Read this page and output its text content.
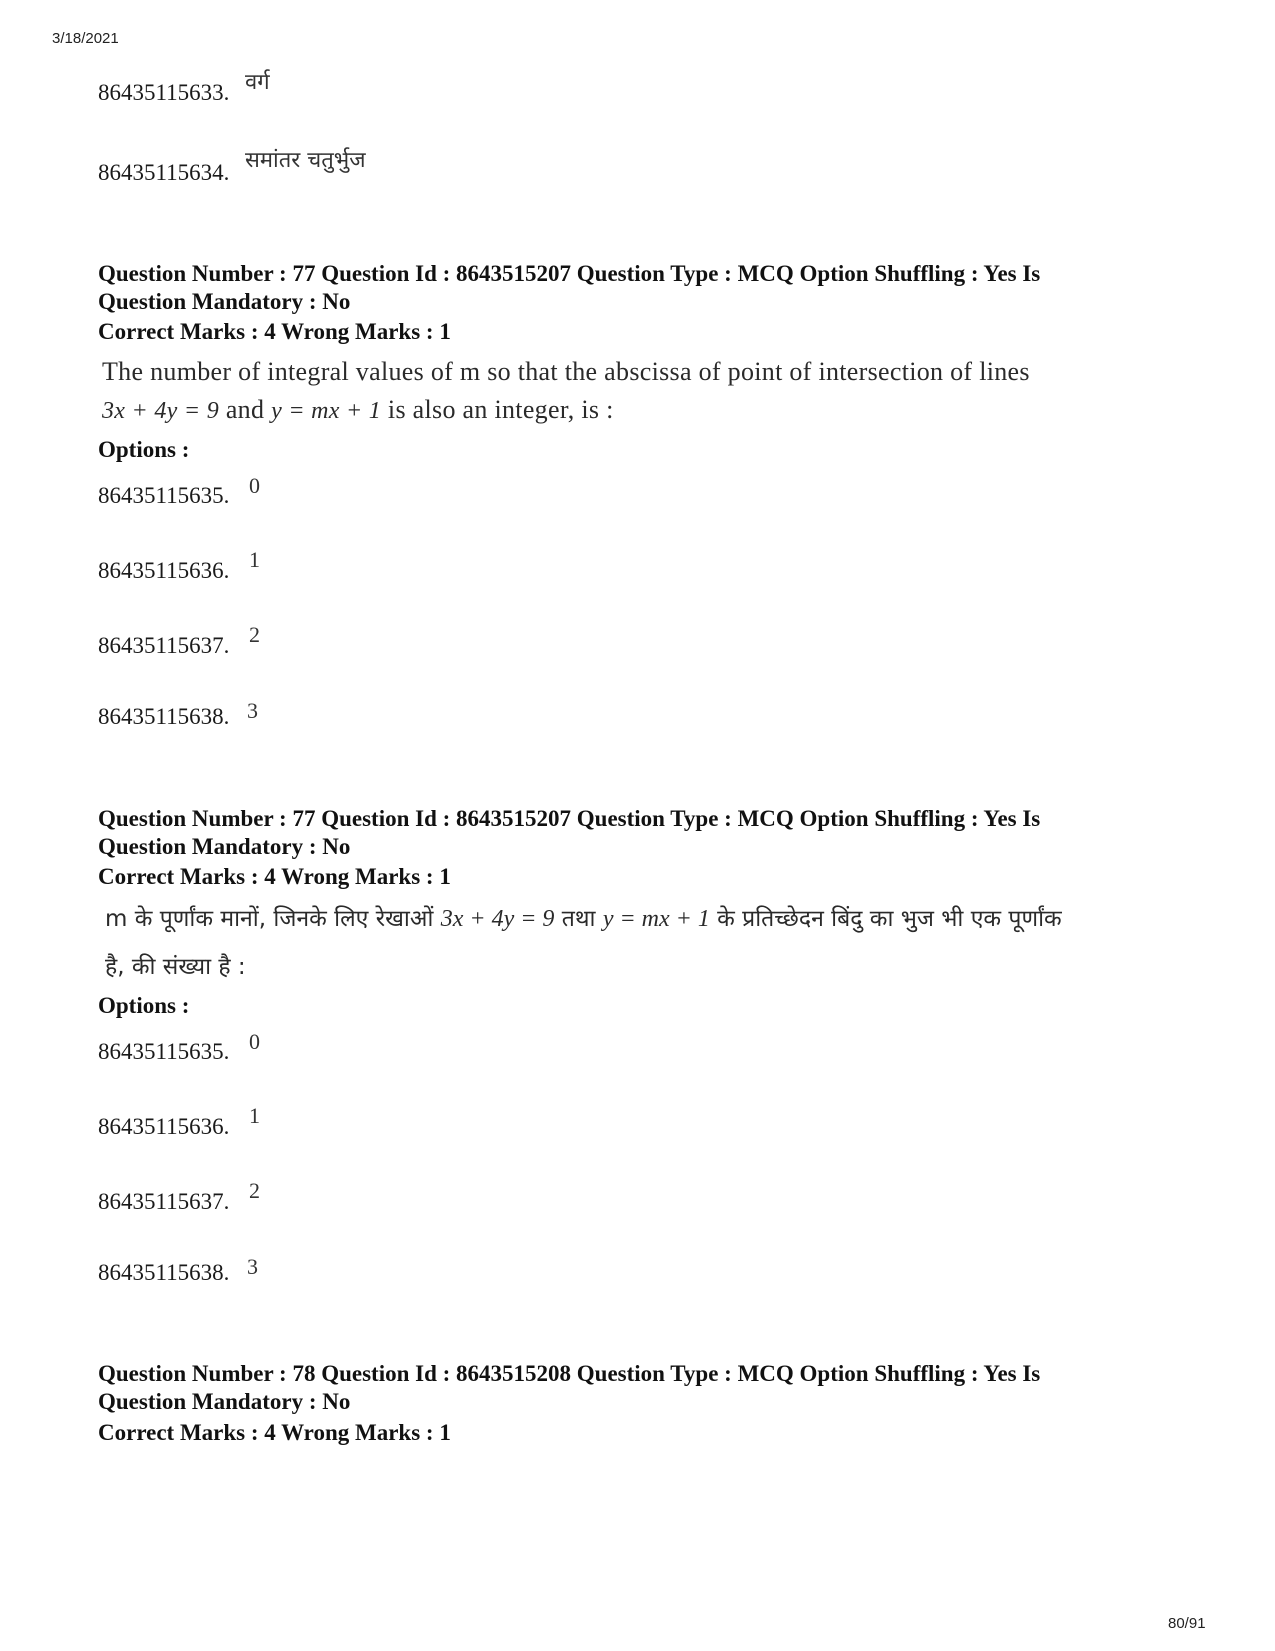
3/18/2021
86435115633. वर्ग
86435115634. समांतर चतुर्भुज
Question Number : 77 Question Id : 8643515207 Question Type : MCQ Option Shuffling : Yes Is
Question Mandatory : No
Correct Marks : 4 Wrong Marks : 1
The number of integral values of m so that the abscissa of point of intersection of lines
3x + 4y = 9 and y = mx + 1 is also an integer, is :
Options :
86435115635. 0
86435115636. 1
86435115637. 2
86435115638. 3
Question Number : 77 Question Id : 8643515207 Question Type : MCQ Option Shuffling : Yes Is
Question Mandatory : No
Correct Marks : 4 Wrong Marks : 1
m के पूर्णांक मानों, जिनके लिए रेखाओं 3x + 4y = 9 तथा y = mx + 1 के प्रतिच्छेदन बिंदु का भुज भी एक पूर्णांक
है, की संख्या है :
Options :
86435115635. 0
86435115636. 1
86435115637. 2
86435115638. 3
Question Number : 78 Question Id : 8643515208 Question Type : MCQ Option Shuffling : Yes Is
Question Mandatory : No
Correct Marks : 4 Wrong Marks : 1
80/91
